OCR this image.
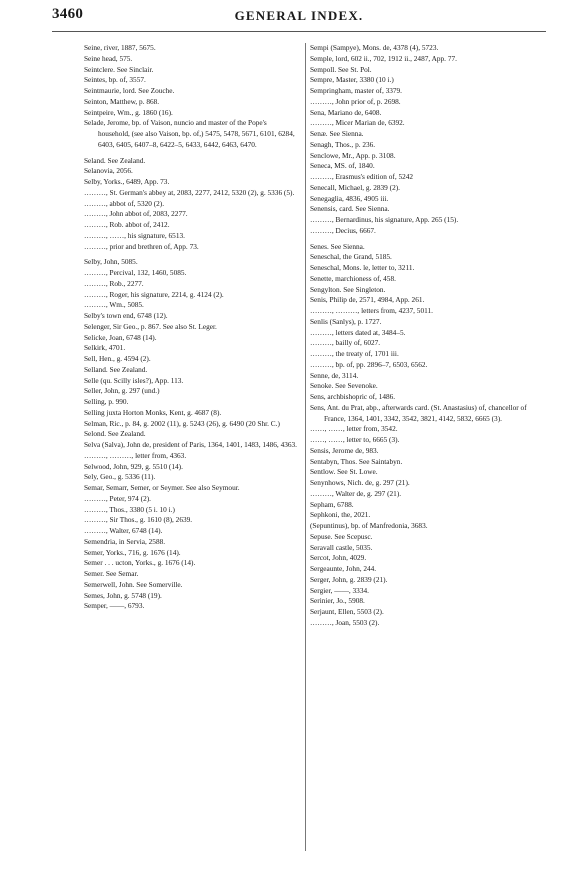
3460	GENERAL INDEX.
Seine, river, 1887, 5675.
Seine head, 575.
Seintclere. See Sinclair.
Seintes, bp. of, 3557.
Seintmaurie, lord. See Zouche.
Seinton, Matthew, p. 868.
Seintpeire, Wm., g. 1860 (16).
Selade, Jerome, bp. of Vaison, nuncio and master of the Pope's household, (see also Vaison, bp. of,) 5475, 5478, 5671, 6101, 6284, 6403, 6405, 6407–8, 6422–5, 6433, 6442, 6463, 6470.
Seland. See Zealand.
Selanovia, 2056.
Selby, Yorks., 6489, App. 73.
………, St. German's abbey at, 2083, 2277, 2412, 5320 (2), g. 5336 (5).
………, abbot of, 5320 (2).
………, John abbot of, 2083, 2277.
………, Rob. abbot of, 2412.
………, ……, his signature, 6513.
………, prior and brethren of, App. 73.
Selby, John, 5085.
………, Percival, 132, 1460, 5085.
………, Rob., 2277.
………, Roger, his signature, 2214, g. 4124 (2).
………, Wm., 5085.
Selby's town end, 6748 (12).
Selenger, Sir Geo., p. 867. See also St. Leger.
Selicke, Joan, 6748 (14).
Selkirk, 4701.
Sell, Hen., g. 4594 (2).
Selland. See Zealand.
Selle (qu. Scilly isles?), App. 113.
Seller, John, g. 297 (und.)
Selling, p. 990.
Selling juxta Horton Monks, Kent, g. 4687 (8).
Selman, Ric., p. 84, g. 2002 (11), g. 5243 (26), g. 6490 (20 Shr. C.)
Selond. See Zealand.
Selva (Salva), John de, president of Paris, 1364, 1401, 1483, 1486, 4363.
………, ………, letter from, 4363.
Selwood, John, 929, g. 5510 (14).
Sely, Geo., g. 5336 (11).
Semar, Semarr, Semer, or Seymer. See also Seymour.
………, Peter, 974 (2).
………, Thos., 3380 (5 i. 10 i.)
………, Sir Thos., g. 1610 (8), 2639.
………, Walter, 6748 (14).
Semendria, in Servia, 2588.
Semer, Yorks., 716, g. 1676 (14).
Semer . . . ucton, Yorks., g. 1676 (14).
Semer. See Semar.
Semerwell, John. See Somerville.
Semes, John, g. 5748 (19).
Semper, ——, 6793.
Sempi (Sampye), Mons. de, 4378 (4), 5723.
Semple, lord, 602 ii., 702, 1912 ii., 2487, App. 77.
Sempoll. See St. Pol.
Sempre, Master, 3380 (10 i.)
Sempringham, master of, 3379.
………, John prior of, p. 2698.
Sena, Mariano de, 6408.
………, Micer Marian de, 6392.
Senæ. See Sienna.
Senagh, Thos., p. 236.
Senclowe, Mr., App. p. 3108.
Seneca, MS. of, 1840.
………, Erasmus's edition of, 5242
Senecall, Michael, g. 2839 (2).
Senegaglia, 4836, 4905 iii.
Senensis, card. See Sienna.
………, Bernardinus, his signature, App. 265 (15).
………, Decius, 6667.
Senes. See Sienna.
Seneschal, the Grand, 5185.
Seneschal, Mons. le, letter to, 3211.
Senette, marchioness of, 458.
Sengylton. See Singleton.
Senis, Philip de, 2571, 4984, App. 261.
………, ………, letters from, 4237, 5011.
Senlis (Sanlys), p. 1727.
………, letters dated at, 3484–5.
………, bailly of, 6027.
………, the treaty of, 1701 iii.
………, bp. of, pp. 2896–7, 6503, 6562.
Senne, de, 3114.
Senoke. See Sevenoke.
Sens, archbishopric of, 1486.
Sens, Ant. du Prat, abp., afterwards card. (St. Anastasius) of, chancellor of France, 1364, 1401, 3342, 3542, 3821, 4142, 5832, 6665 (3).
……, ……, letter from, 3542.
……, ……, letter to, 6665 (3).
Sensis, Jerome de, 983.
Sentabyn, Thos. See Saintabyn.
Sentlow. See St. Lowe.
Senynhows, Nich. de, g. 297 (21).
………, Walter de, g. 297 (21).
Sepham, 6788.
Sephkoni, the, 2021.
(Sepuntinus), bp. of Manfredonia, 3683.
Sepuse. See Scepusc.
Seravall castle, 5035.
Sercot, John, 4029.
Sergeaunte, John, 244.
Serger, John, g. 2839 (21).
Sergier, ——, 3334.
Serinier, Jo., 5908.
Serjaunt, Ellen, 5503 (2).
………, Joan, 5503 (2).
